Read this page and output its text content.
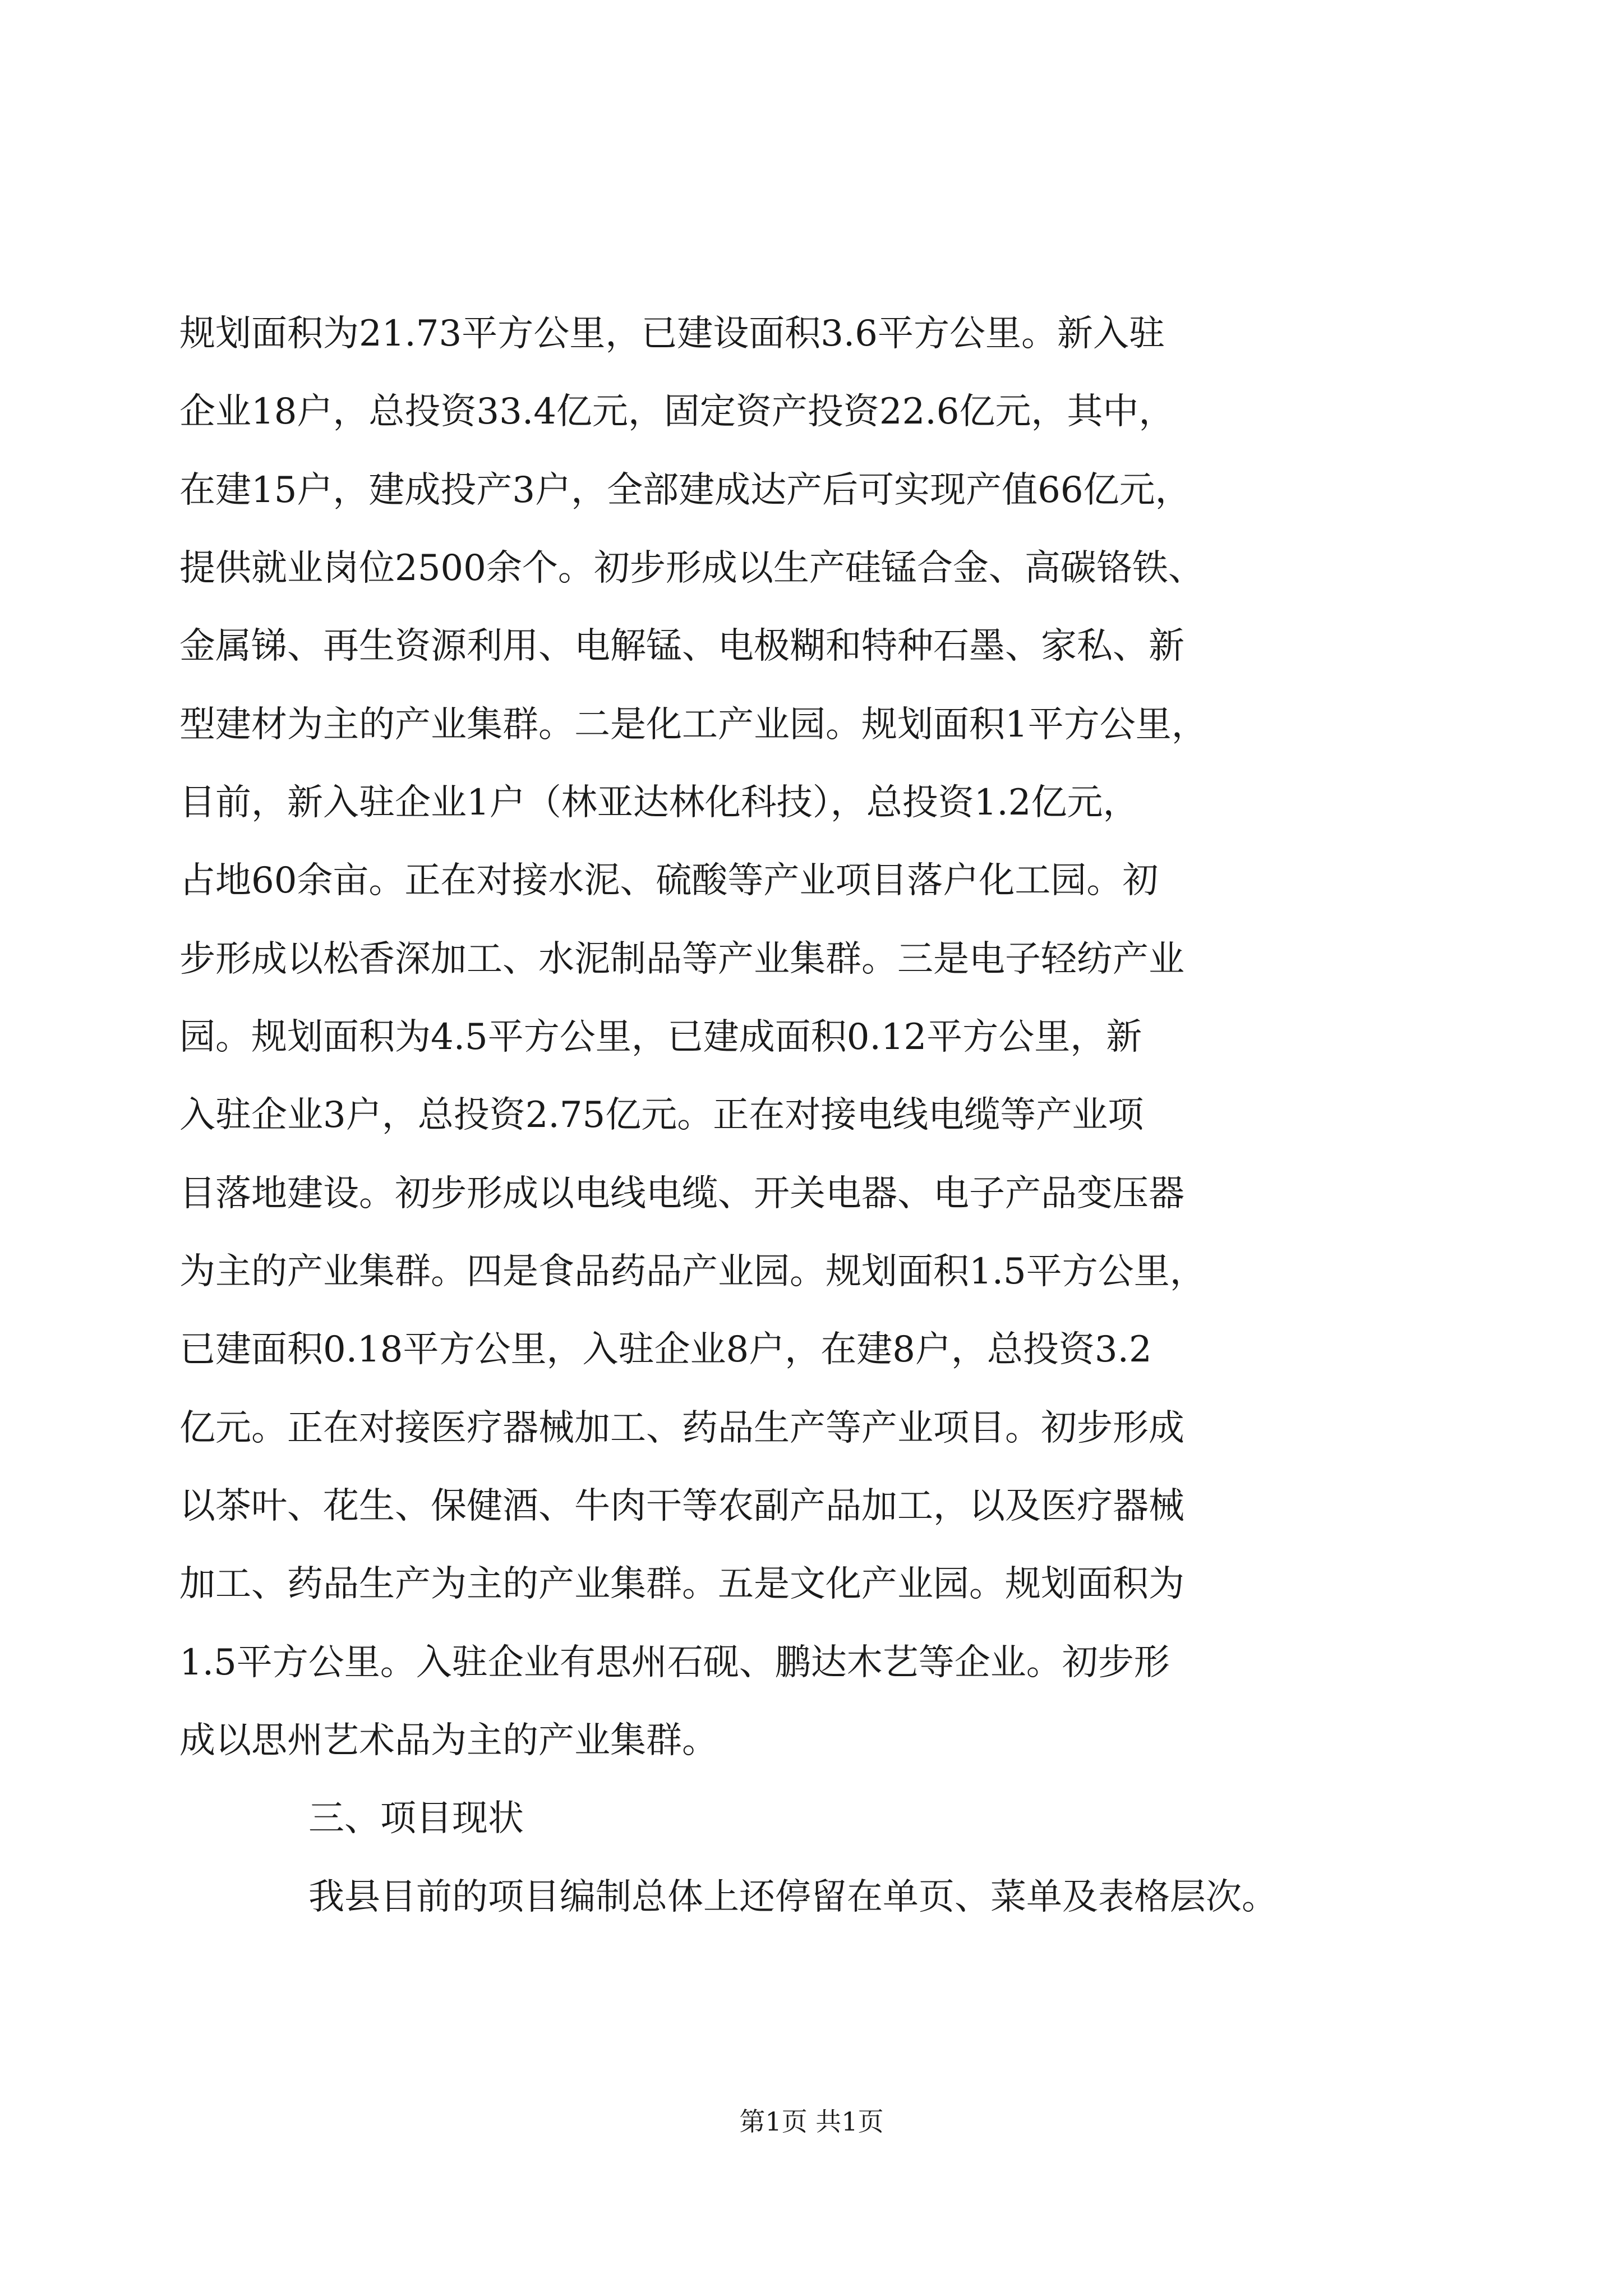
规划面积为21.73平方公里，已建设面积3.6平方公里。新入驻
企业18户，总投资33.4亿元，固定资产投资22.6亿元，其中，
在建15户，建成投产3户，全部建成达产后可实现产值66亿元，
提供就业岗位2500余个。初步形成以生产硅锰合金、高碳铬铁、
金属锑、再生资源利用、电解锰、电极糊和特种石墨、家私、新
型建材为主的产业集群。二是化工产业园。规划面积1平方公里，
目前，新入驻企业1户（林亚达林化科技），总投资1.2亿元，
占地60余亩。正在对接水泥、硫酸等产业项目落户化工园。初
步形成以松香深加工、水泥制品等产业集群。三是电子轻纺产业
园。规划面积为4.5平方公里，已建成面积0.12平方公里，新
入驻企业3户，总投资2.75亿元。正在对接电线电缆等产业项
目落地建设。初步形成以电线电缆、开关电器、电子产品变压器
为主的产业集群。四是食品药品产业园。规划面积1.5平方公里，
已建面积0.18平方公里，入驻企业8户，在建8户，总投资3.2
亿元。正在对接医疗器械加工、药品生产等产业项目。初步形成
以茶叶、花生、保健酒、牛肉干等农副产品加工，以及医疗器械
加工、药品生产为主的产业集群。五是文化产业园。规划面积为
1.5平方公里。入驻企业有思州石砚、鹏达木艺等企业。初步形
成以思州艺术品为主的产业集群。
三、项目现状
我县目前的项目编制总体上还停留在单页、菜单及表格层次。
第1页 共1页
